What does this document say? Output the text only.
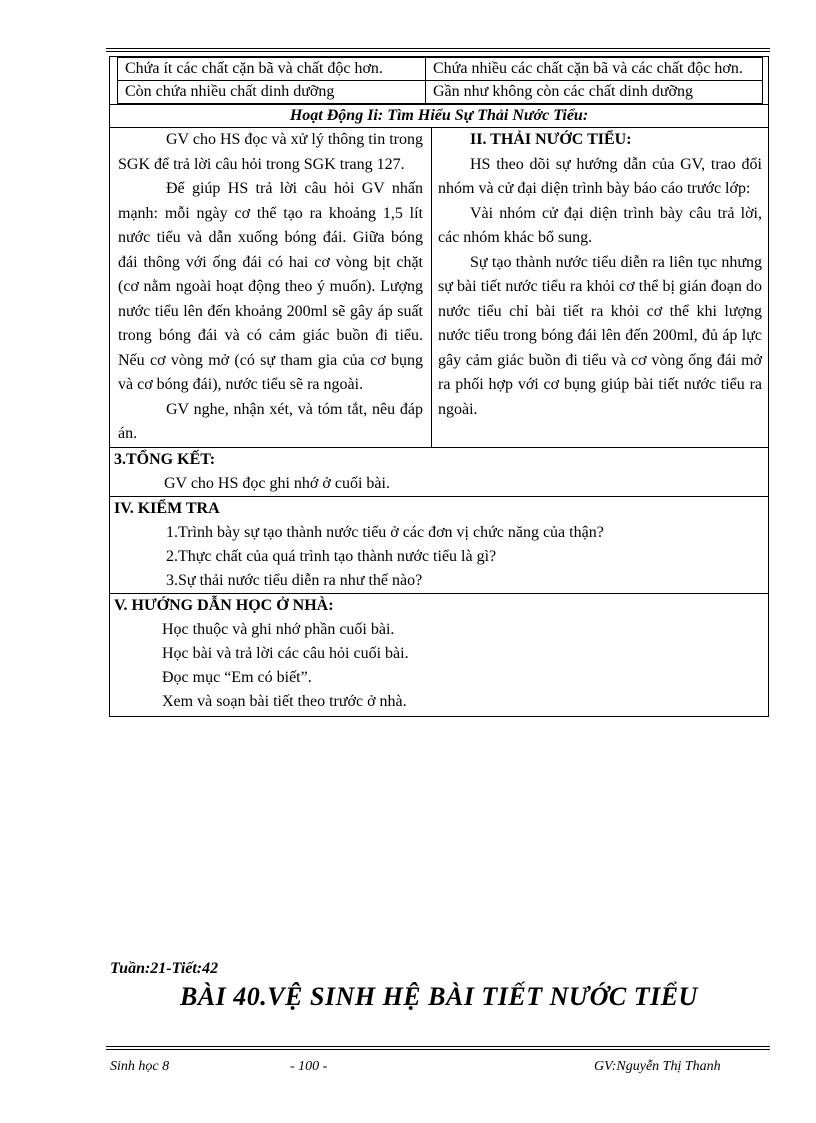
Chứa ít các chất cặn bã và chất độc hơn.	Chứa nhiều các chất cặn bã và các chất độc hơn.
Còn chứa nhiều chất dinh dưỡng	Gần như không còn các chất dinh dưỡng
Hoạt Động Ii: Tìm Hiểu Sự Thải Nước Tiểu:

GV cho HS đọc và xử lý thông tin trong SGK để trả lời câu hỏi trong SGK trang 127.

Để giúp HS trả lời câu hỏi GV nhấn mạnh: mỗi ngày cơ thể tạo ra khoảng 1,5 lít nước tiểu và dẫn xuống bóng đái. Giữa bóng đái thông với ống đái có hai cơ vòng bịt chặt (cơ nằm ngoài hoạt động theo ý muốn). Lượng nước tiểu lên đến khoảng 200ml sẽ gây áp suất trong bóng đái và có cảm giác buồn đi tiểu. Nếu cơ vòng mở (có sự tham gia của cơ bụng và cơ bóng đái), nước tiểu sẽ ra ngoài.

GV nghe, nhận xét, và tóm tắt, nêu đáp án.

II. THẢI NƯỚC TIỂU:

HS theo dõi sự hướng dẫn của GV, trao đổi nhóm và cử đại diện trình bày báo cáo trước lớp:

Vài nhóm cử đại diện trình bày câu trả lời, các nhóm khác bổ sung.

Sự tạo thành nước tiểu diễn ra liên tục nhưng sự bài tiết nước tiểu ra khỏi cơ thể bị gián đoạn do nước tiểu chỉ bài tiết ra khỏi cơ thể khi lượng nước tiểu trong bóng đái lên đến 200ml, đủ áp lực gây cảm giác buồn đi tiểu và cơ vòng ống đái mở ra phối hợp với cơ bụng giúp bài tiết nước tiểu ra ngoài.

3.TỔNG KẾT:
GV cho HS đọc ghi nhớ ở cuối bài.
IV. KIỂM TRA
1.Trình bày sự tạo thành nước tiểu ở các đơn vị chức năng của thận?
2.Thực chất của quá trình tạo thành nước tiểu là gì?
3.Sự thải nước tiểu diễn ra như thế nào?
V. HƯỚNG DẪN HỌC Ở NHÀ:
Học thuộc và ghi nhớ phần cuối bài.
Học bài và trả lời các câu hỏi cuối bài.
Đọc mục “Em có biết”.
Xem và soạn bài tiết theo trước ở nhà.
Tuần:21-Tiết:42
BÀI 40.VỆ SINH HỆ BÀI TIẾT NƯỚC TIỂU
Sinh học 8	- 100 -	GV:Nguyễn Thị Thanh
